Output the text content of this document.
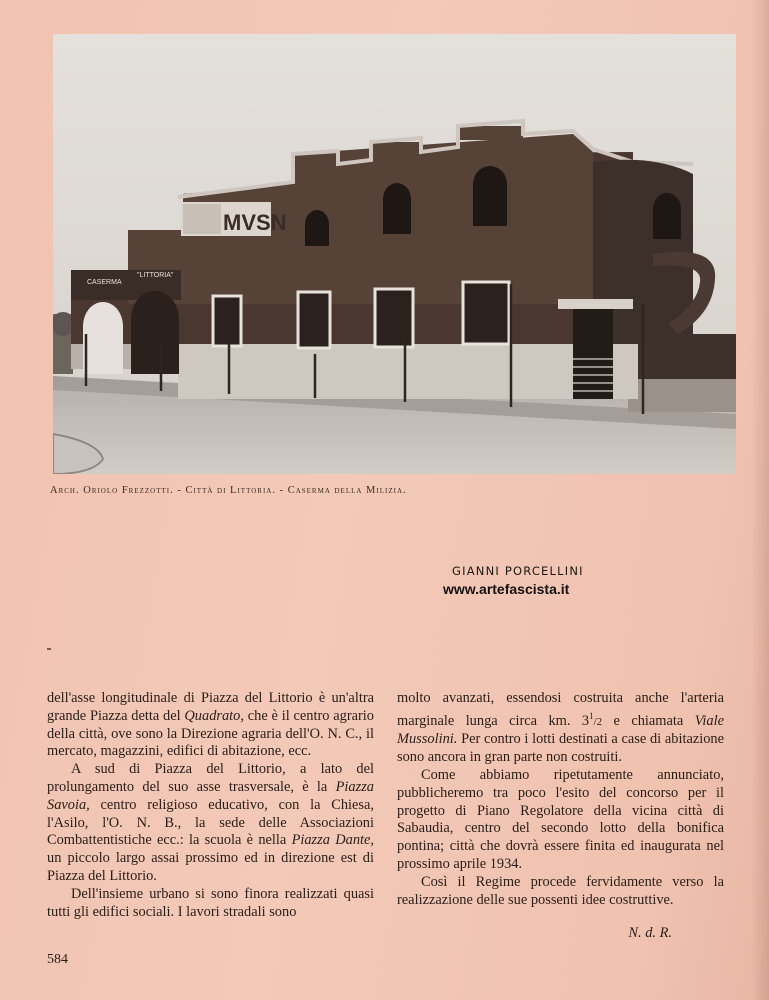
MVSN
CASERMA
"LITTORIA"
Arch. Oriolo Frezzotti. - Città di Littoria. - Caserma della Milizia.
GIANNI PORCELLINI
www.artefascista.it

dell'asse longitudinale di Piazza del Littorio è un'altra grande Piazza detta del Quadrato, che è il centro agrario della città, ove sono la Direzione agraria dell'O. N. C., il mercato, magazzini, edifici di abitazione, ecc.

A sud di Piazza del Littorio, a lato del prolungamento del suo asse trasversale, è la Piazza Savoia, centro religioso educativo, con la Chiesa, l'Asilo, l'O. N. B., la sede delle Associazioni Combattentistiche ecc.: la scuola è nella Piazza Dante, un piccolo largo assai prossimo ed in direzione est di Piazza del Littorio.

Dell'insieme urbano si sono finora realizzati quasi tutti gli edifici sociali. I lavori stradali sono

molto avanzati, essendosi costruita anche l'arteria marginale lunga circa km. $3^1/2$ e chiamata Viale Mussolini. Per contro i lotti destinati a case di abitazione sono ancora in gran parte non costruiti.

Come abbiamo ripetutamente annunciato, pubblicheremo tra poco l'esito del concorso per il progetto di Piano Regolatore della vicina città di Sabaudia, centro del secondo lotto della bonifica pontina; città che dovrà essere finita ed inaugurata nel prossimo aprile 1934.

Così il Regime procede fervidamente verso la realizzazione delle sue possenti idee costruttive.

N. d. R.
584
